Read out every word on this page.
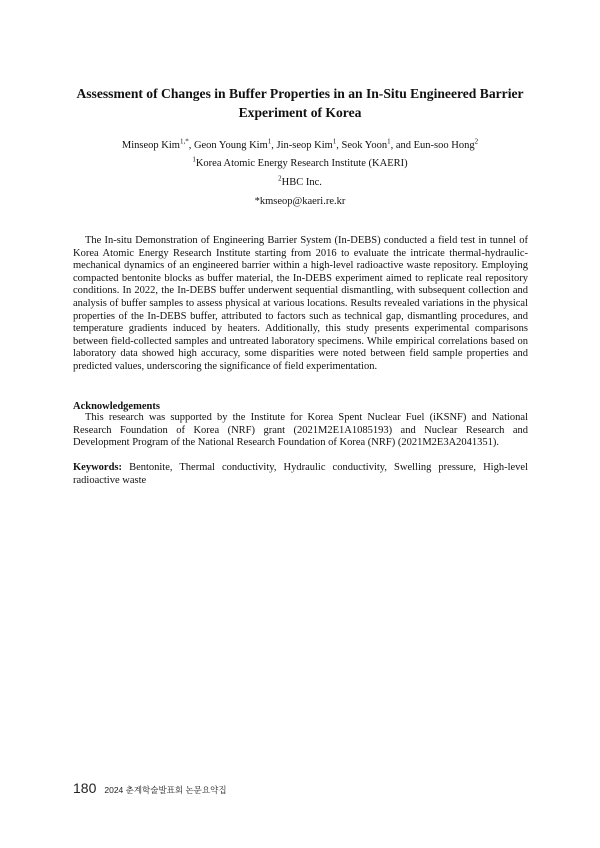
Assessment of Changes in Buffer Properties in an In-Situ Engineered Barrier Experiment of Korea
Minseop Kim$^{1,*}$, Geon Young Kim$^1$, Jin-seop Kim$^1$, Seok Yoon$^1$, and Eun-soo Hong$^2$
$^1$Korea Atomic Energy Research Institute (KAERI)
$^2$HBC Inc.
*kmseop@kaeri.re.kr

The In-situ Demonstration of Engineering Barrier System (In-DEBS) conducted a field test in tunnel of Korea Atomic Energy Research Institute starting from 2016 to evaluate the intricate thermal-hydraulic-mechanical dynamics of an engineered barrier within a high-level radioactive waste repository. Employing compacted bentonite blocks as buffer material, the In-DEBS experiment aimed to replicate real repository conditions. In 2022, the In-DEBS buffer underwent sequential dismantling, with subsequent collection and analysis of buffer samples to assess physical at various locations. Results revealed variations in the physical properties of the In-DEBS buffer, attributed to factors such as technical gap, dismantling procedures, and temperature gradients induced by heaters. Additionally, this study presents experimental comparisons between field-collected samples and untreated laboratory specimens. While empirical correlations based on laboratory data showed high accuracy, some disparities were noted between field sample properties and predicted values, underscoring the significance of field experimentation.

Acknowledgements

This research was supported by the Institute for Korea Spent Nuclear Fuel (iKSNF) and National Research Foundation of Korea (NRF) grant (2021M2E1A1085193) and Nuclear Research and Development Program of the National Research Foundation of Korea (NRF) (2021M2E3A2041351).

Keywords: Bentonite, Thermal conductivity, Hydraulic conductivity, Swelling pressure, High-level radioactive waste

180 2024 춘계학술발표회 논문요약집
